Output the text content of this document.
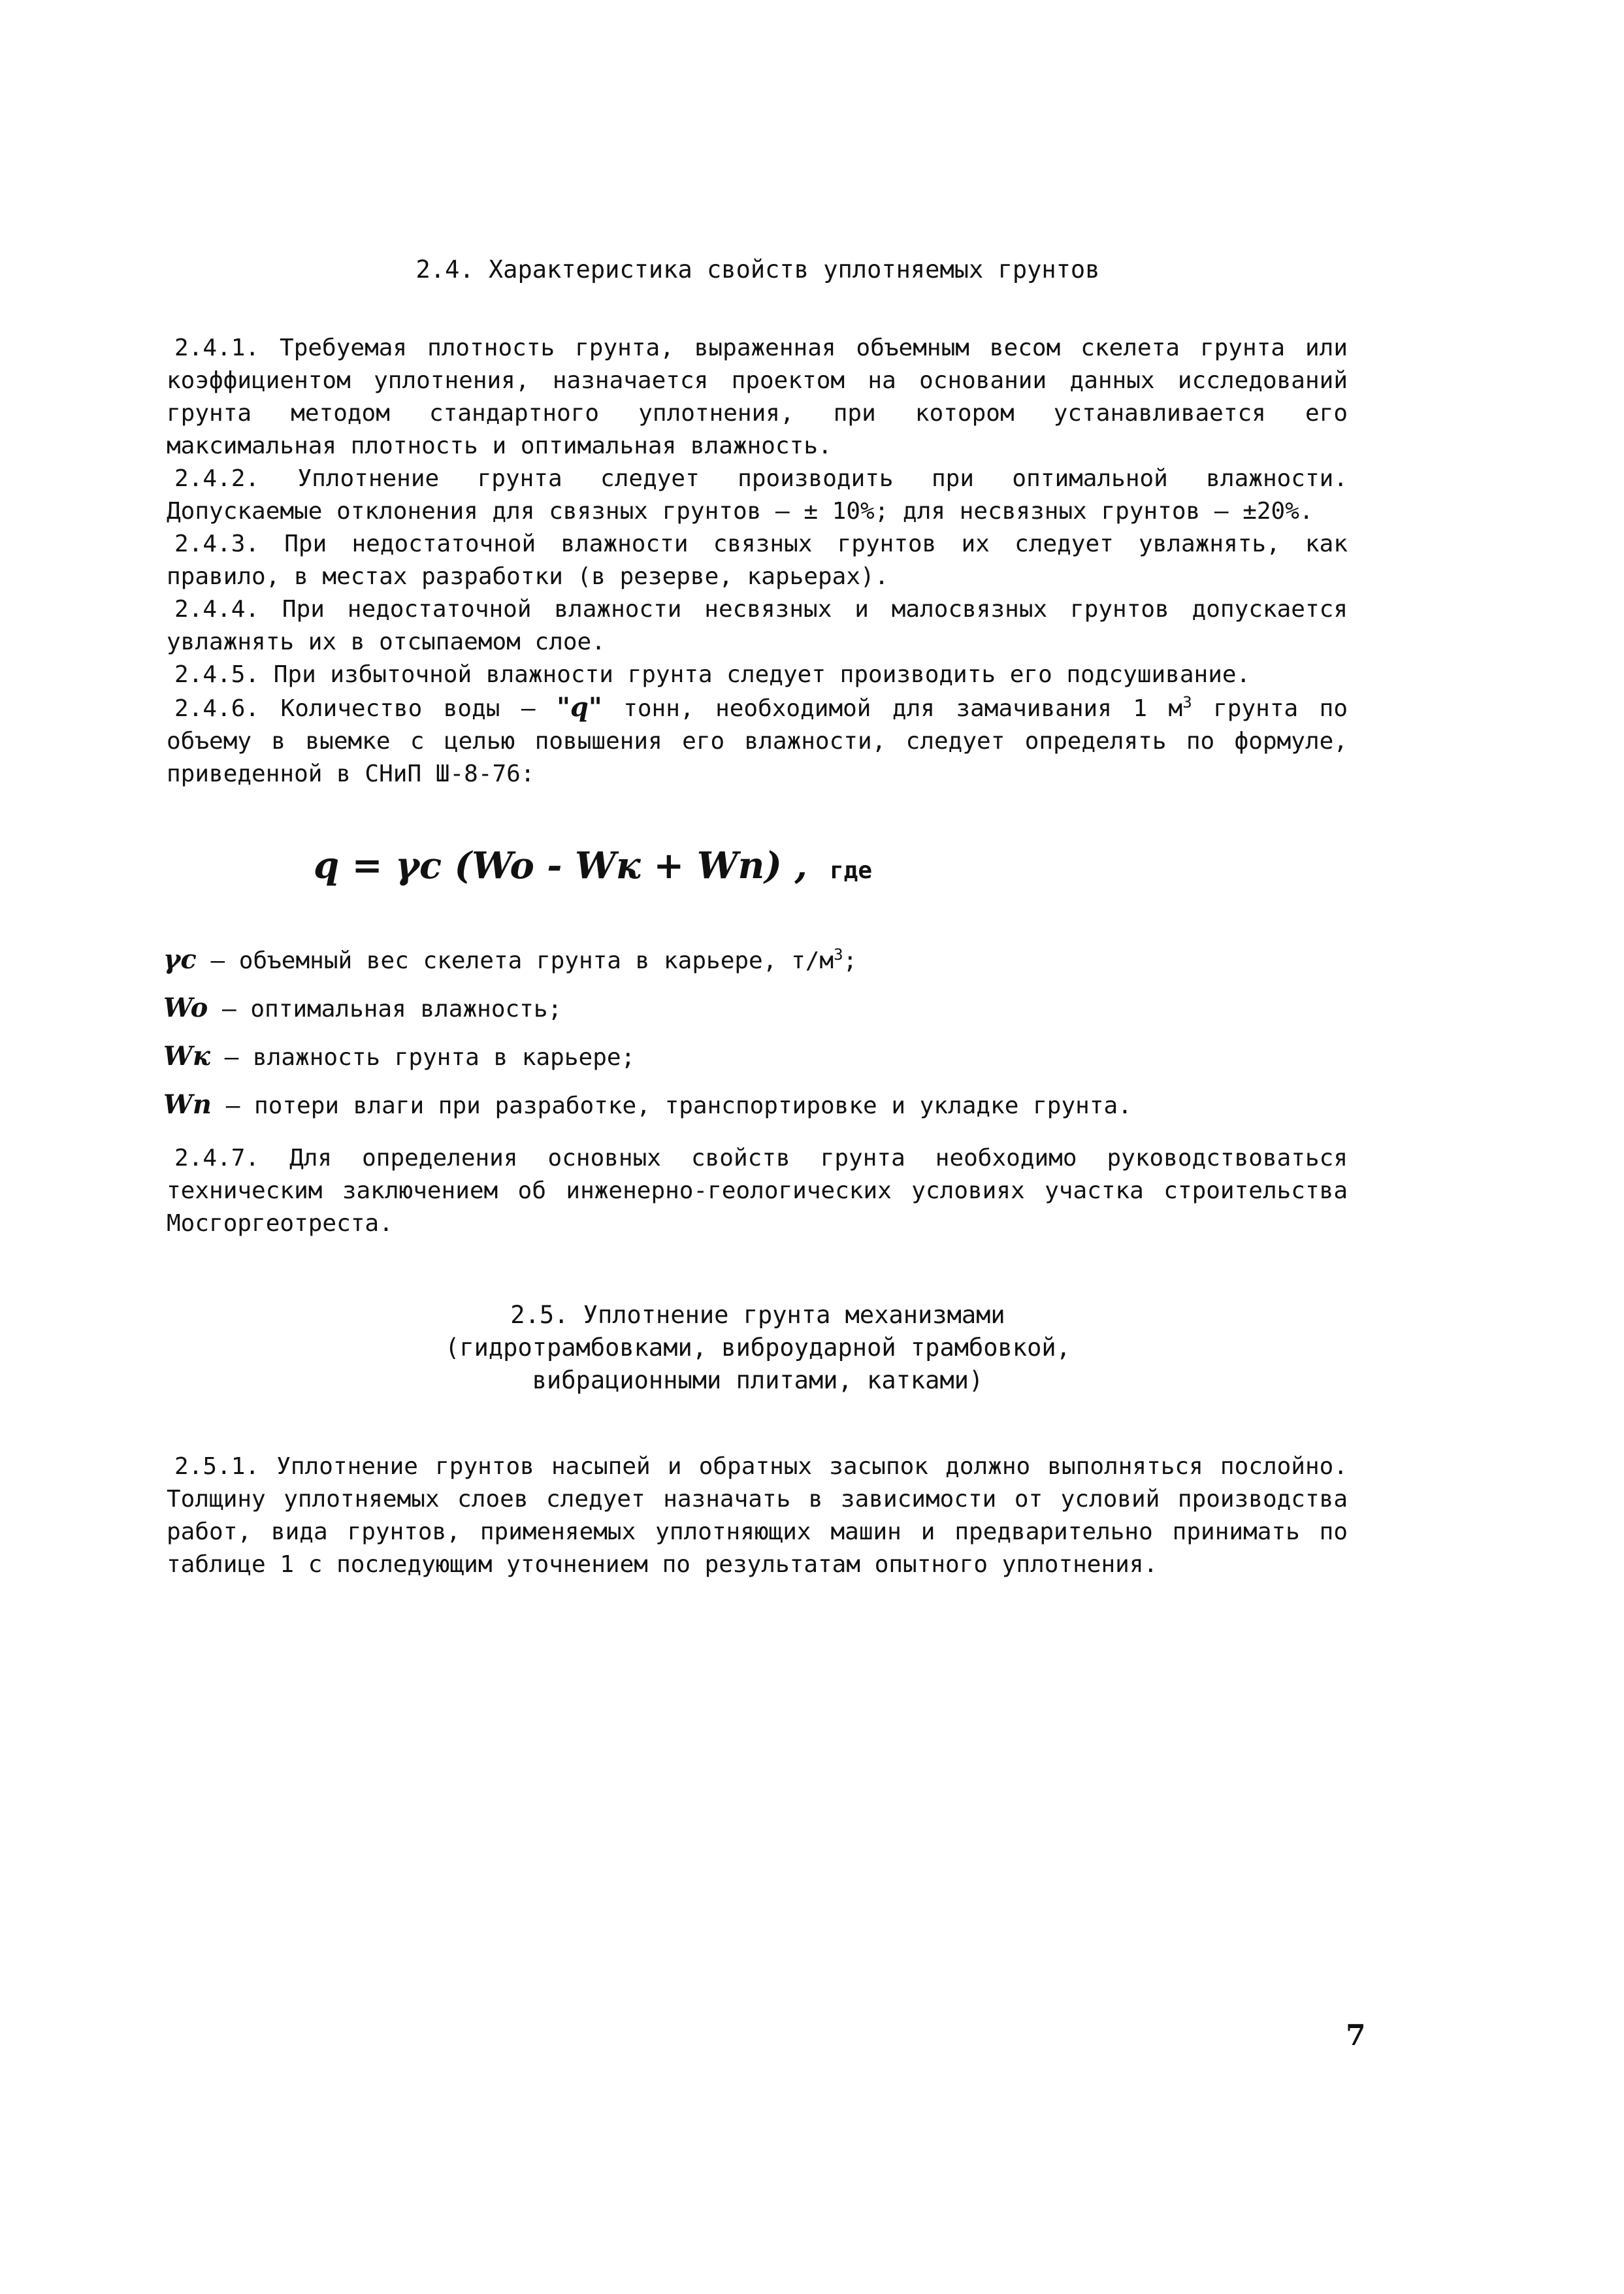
2.4. Характеристика свойств уплотняемых грунтов

2.4.1. Требуемая плотность грунта, выраженная объемным весом скелета грунта или коэффициентом уплотнения, назначается проектом на основании данных исследований грунта методом стандартного уплотнения, при котором устанавливается его максимальная плотность и оптимальная влажность.

2.4.2. Уплотнение грунта следует производить при оптимальной влажности. Допускаемые отклонения для связных грунтов – ± 10%; для несвязных грунтов – ±20%.

2.4.3. При недостаточной влажности связных грунтов их следует увлажнять, как правило, в местах разработки (в резерве, карьерах).

2.4.4. При недостаточной влажности несвязных и малосвязных грунтов допускается увлажнять их в отсыпаемом слое.

2.4.5. При избыточной влажности грунта следует производить его подсушивание.

2.4.6. Количество воды – "q" тонн, необходимой для замачивания 1 $м^3$ грунта по объему в выемке с целью повышения его влажности, следует определять по формуле, приведенной в СНиП Ш-8-76:

q = γc (Wo - Wк + Wп) , где
γc – объемный вес скелета грунта в карьере, $т/м^3$;
Wo – оптимальная влажность;
Wк – влажность грунта в карьере;
Wп – потери влаги при разработке, транспортировке и укладке грунта.

2.4.7. Для определения основных свойств грунта необходимо руководствоваться техническим заключением об инженерно-геологических условиях участка строительства Мосгоргеотреста.

2.5. Уплотнение грунта механизмами
(гидротрамбовками, виброударной трамбовкой,
вибрационными плитами, катками)

2.5.1. Уплотнение грунтов насыпей и обратных засыпок должно выполняться послойно. Толщину уплотняемых слоев следует назначать в зависимости от условий производства работ, вида грунтов, применяемых уплотняющих машин и предварительно принимать по таблице 1 с последующим уточнением по результатам опытного уплотнения.

7
